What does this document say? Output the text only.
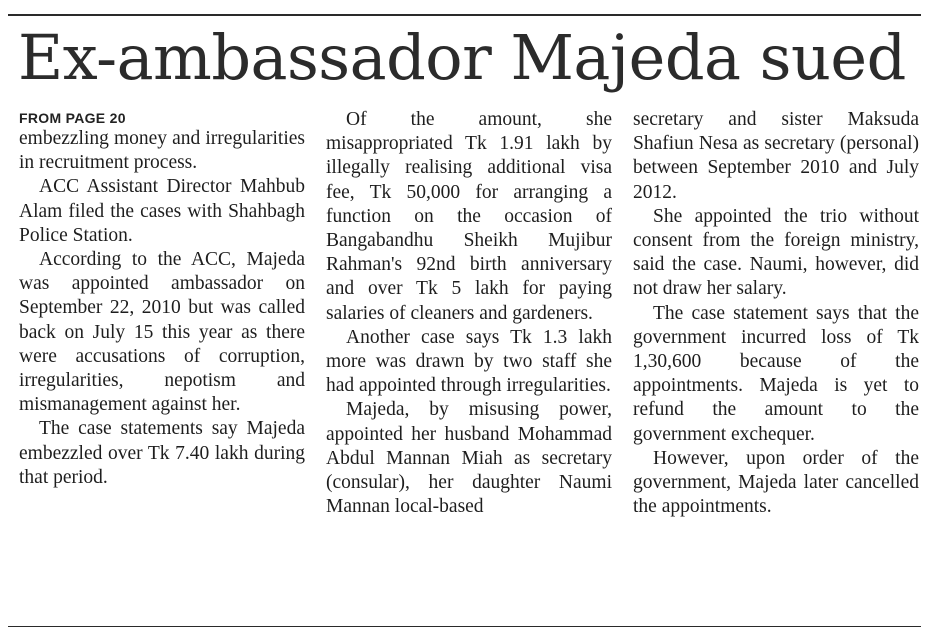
Ex-ambassador Majeda sued
FROM PAGE 20

embezzling money and irregularities in recruitment process.

ACC Assistant Director Mahbub Alam filed the cases with Shahbagh Police Station.

According to the ACC, Majeda was appointed ambassador on September 22, 2010 but was called back on July 15 this year as there were accusations of corruption, irregularities, nepotism and mismanagement against her.

The case statements say Majeda embezzled over Tk 7.40 lakh during that period.

Of the amount, she misappropriated Tk 1.91 lakh by illegally realising additional visa fee, Tk 50,000 for arranging a function on the occasion of Bangabandhu Sheikh Mujibur Rahman's 92nd birth anniversary and over Tk 5 lakh for paying salaries of cleaners and gardeners.

Another case says Tk 1.3 lakh more was drawn by two staff she had appointed through irregularities.

Majeda, by misusing power, appointed her husband Mohammad Abdul Mannan Miah as secretary (consular), her daughter Naumi Mannan local-based

secretary and sister Maksuda Shafiun Nesa as secretary (personal) between September 2010 and July 2012.

She appointed the trio without consent from the foreign ministry, said the case. Naumi, however, did not draw her salary.

The case statement says that the government incurred loss of Tk 1,30,600 because of the appointments. Majeda is yet to refund the amount to the government exchequer.

However, upon order of the government, Majeda later cancelled the appointments.
